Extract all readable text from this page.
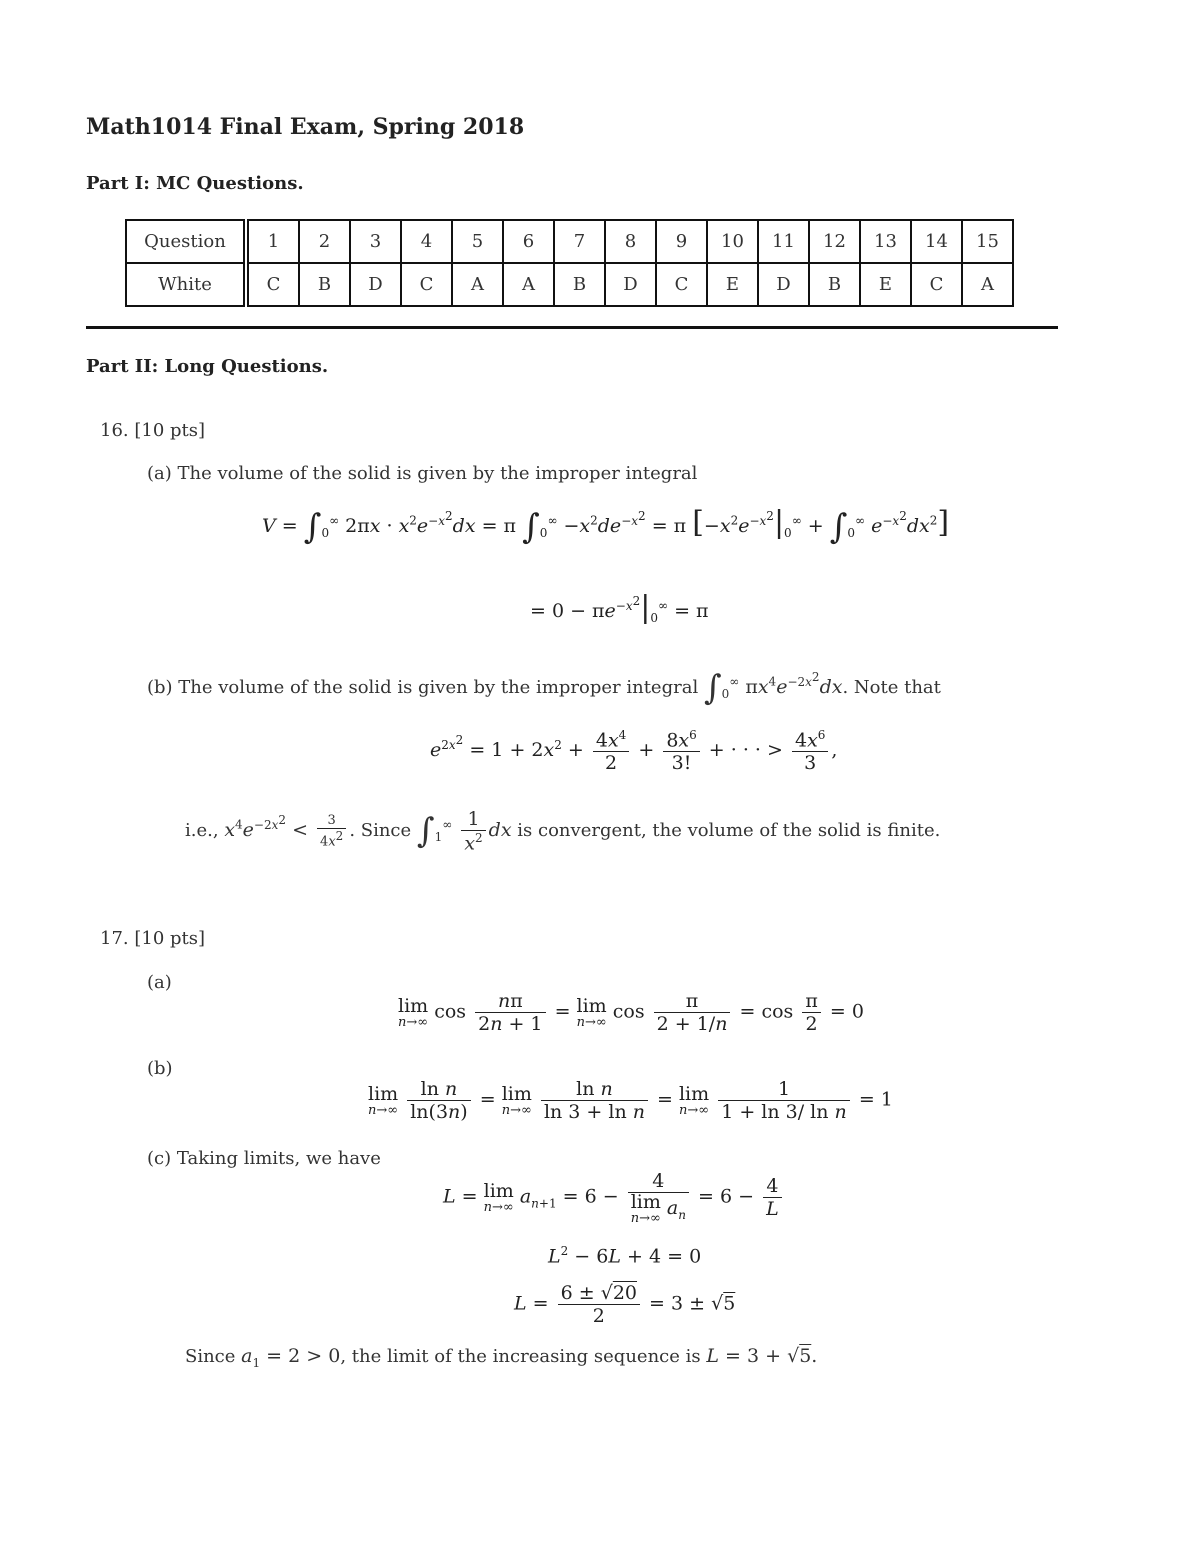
Math1014 Final Exam, Spring 2018
Part I: MC Questions.
Question	1	2	3	4	5	6	7	8	9	10	11	12	13	14	15
White	C	B	D	C	A	A	B	D	C	E	D	B	E	C	A
Part II: Long Questions.
16. [10 pts]
(a) The volume of the solid is given by the improper integral
$V = \int_0^\infty$ $2\pi x \cdot x^2e^{-x^2}dx = \pi$ $\int_0^\infty -x^2de^{-x^2} = \pi$ [$-x^2e^{-x^2}|_0^\infty + \int_0^\infty$ $e^{-x^2}dx^2$]
= $0 - \pi e^{-x^2}|_0^\infty = \pi$
(b) The volume of the solid is given by the improper integral $\int_0^\infty$ $\pi x^4e^{-2x^2}dx$. Note that
$e^{2x^2} = 1 + 2x^2 + \frac{4x^4}{2} + \frac{8x^6}{3!}$ + · · · > $\frac{4x^6}{3}$ ,
i.e., $x^4e^{-2x^2} < \frac{3}{4x^2}$ . Since $\int_1^\infty \frac{1}{x^2}$ dx is convergent, the volume of the solid is finite.
17. [10 pts]
(a)
lim
n→∞ $\cos \frac{n\pi}{2n + 1} = \lim$
n→∞ $\cos \frac{\pi}{2 + 1/n} = \cos \frac{\pi}{2} = 0$
(b)
lim
n→∞
$\frac{\text{ln n}}{\ln(3n)} = \lim$
n→∞
$\frac{\text{ln n}}{\text{ln 3 + ln n}} = \lim$
n→∞
$\frac{1}{\text{1 + ln 3/ ln n}} = 1$
(c) Taking limits, we have
L = lim
n→∞ $a_{n+1} = 6 - 4$
lim
n→∞ $a_n = 6 - \frac{4}{L}$
$L^2 - 6L + 4 = 0$
$L = \frac{6 \pm √20}{2} = 3 \pm √5$
Since $a_1 = 2 > 0$, the limit of the increasing sequence is L = 3 + √5.
